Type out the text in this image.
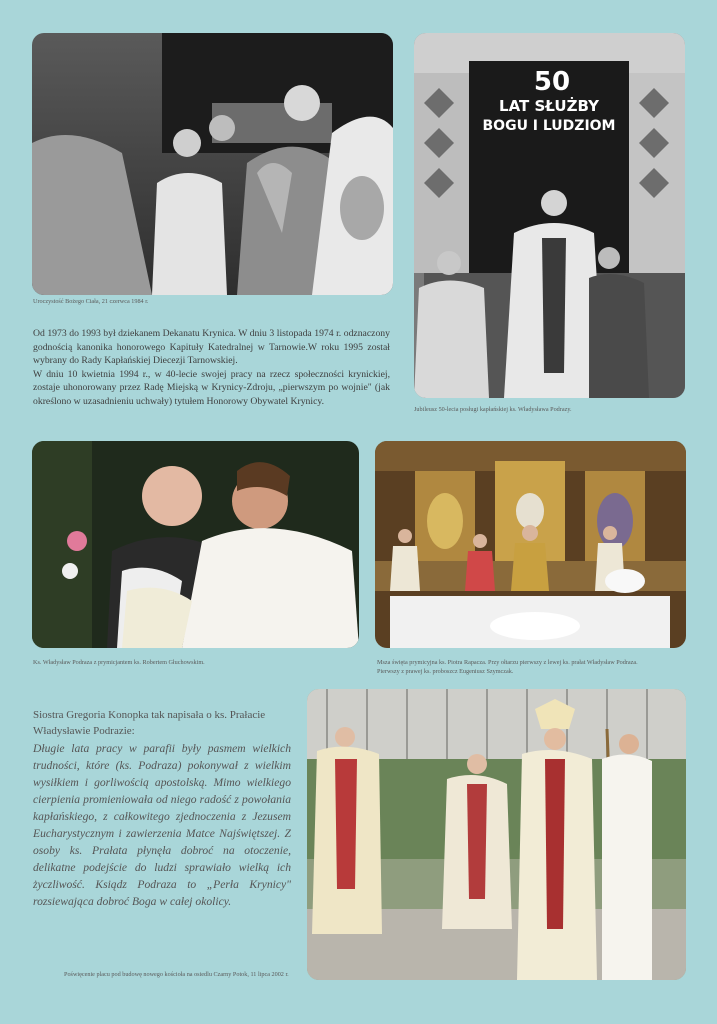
Uroczystość Bożego Ciała, 21 czerwca 1984 r.
50
LAT SŁUŻBY
BOGU I LUDZIOM
Jubileusz 50-lecia posługi kapłańskiej ks. Władysława Podrazy.

Od 1973 do 1993 był dziekanem Dekanatu Krynica. W dniu 3 listopada 1974 r. odznaczony godnością kanonika honorowego Kapituły Katedralnej w Tarnowie.W roku 1995 został wybrany do Rady Kapłańskiej Diecezji Tarnowskiej.

W dniu 10 kwietnia 1994 r., w 40-lecie swojej pracy na rzecz społeczności krynickiej, zostaje uhonorowany przez Radę Miejską w Krynicy-Zdroju, „pierwszym po wojnie" (jak określono w uzasadnieniu uchwały) tytułem Honorowy Obywatel Krynicy.

Ks. Władysław Podraza z prymicjantem ks. Robertem Głuchowskim.	Msza święta prymicyjna ks. Piotra Rapacza. Przy ołtarzu pierwszy z lewej ks. prałat Władysław Podraza.
Pierwszy z prawej ks. proboszcz Eugeniusz Szymczak.
Siostra Gregoria Konopka tak napisała o ks. Prałacie Władysławie Podrazie:

Długie lata pracy w parafii były pasmem wielkich trudności, które (ks. Podraza) pokonywał z wielkim wysiłkiem i gorliwością apostolską. Mimo wielkiego cierpienia promieniowała od niego radość z powołania kapłańskiego, z całkowitego zjednoczenia z Jezusem Eucharystycznym i zawierzenia Matce Najświętszej. Z osoby ks. Prałata płynęła dobroć na otoczenie, delikatne podejście do ludzi sprawiało wielką ich życzliwość. Ksiądz Podraza to „Perła Krynicy" rozsiewająca dobroć Boga w całej okolicy.

Poświęcenie placu pod budowę nowego kościoła na osiedlu Czarny Potok, 11 lipca 2002 r.
